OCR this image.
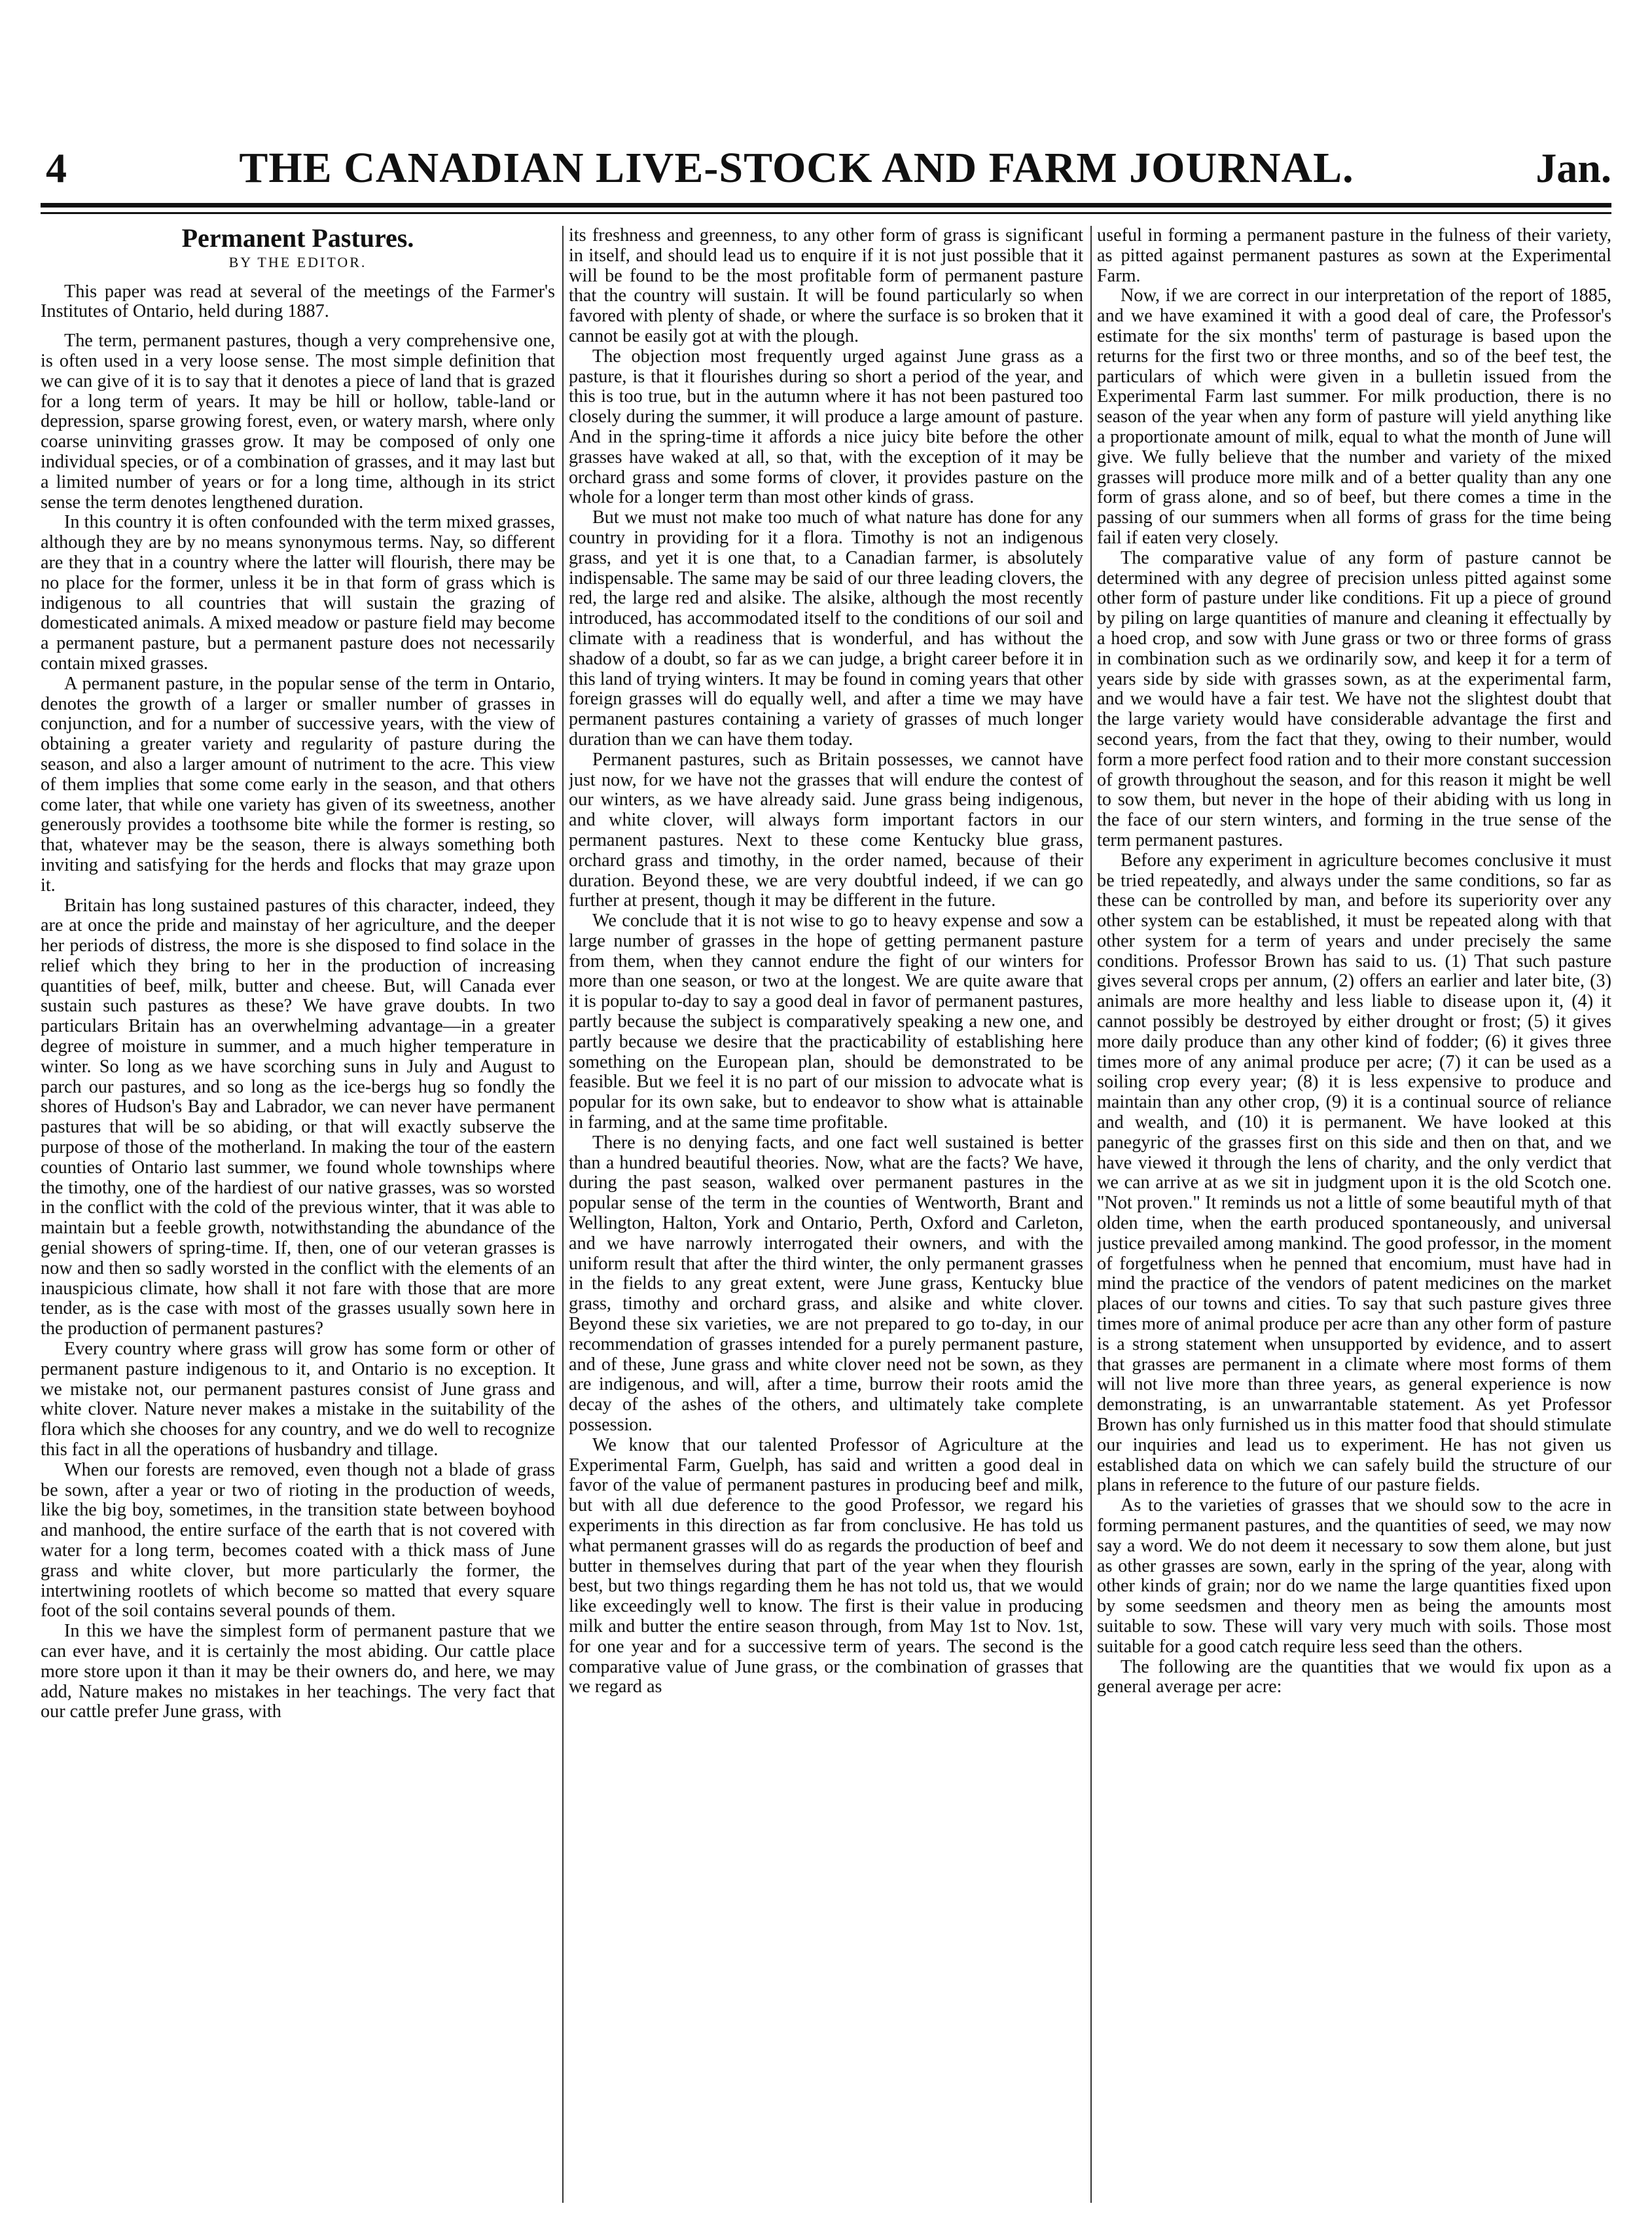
4	THE CANADIAN LIVE-STOCK AND FARM JOURNAL.	Jan.

Permanent Pastures.

BY THE EDITOR.

This paper was read at several of the meetings of the Farmer's Institutes of Ontario, held during 1887.

The term, permanent pastures, though a very comprehensive one, is often used in a very loose sense. The most simple definition that we can give of it is to say that it denotes a piece of land that is grazed for a long term of years. It may be hill or hollow, table-land or depression, sparse growing forest, even, or watery marsh, where only coarse uninviting grasses grow. It may be composed of only one individual species, or of a combination of grasses, and it may last but a limited number of years or for a long time, although in its strict sense the term denotes lengthened duration.

In this country it is often confounded with the term mixed grasses, although they are by no means synonymous terms. Nay, so different are they that in a country where the latter will flourish, there may be no place for the former, unless it be in that form of grass which is indigenous to all countries that will sustain the grazing of domesticated animals. A mixed meadow or pasture field may become a permanent pasture, but a permanent pasture does not necessarily contain mixed grasses.

A permanent pasture, in the popular sense of the term in Ontario, denotes the growth of a larger or smaller number of grasses in conjunction, and for a number of successive years, with the view of obtaining a greater variety and regularity of pasture during the season, and also a larger amount of nutriment to the acre. This view of them implies that some come early in the season, and that others come later, that while one variety has given of its sweetness, another generously provides a toothsome bite while the former is resting, so that, whatever may be the season, there is always something both inviting and satisfying for the herds and flocks that may graze upon it.

Britain has long sustained pastures of this character, indeed, they are at once the pride and mainstay of her agriculture, and the deeper her periods of distress, the more is she disposed to find solace in the relief which they bring to her in the production of increasing quantities of beef, milk, butter and cheese. But, will Canada ever sustain such pastures as these? We have grave doubts. In two particulars Britain has an overwhelming advantage—in a greater degree of moisture in summer, and a much higher temperature in winter. So long as we have scorching suns in July and August to parch our pastures, and so long as the ice-bergs hug so fondly the shores of Hudson's Bay and Labrador, we can never have permanent pastures that will be so abiding, or that will exactly subserve the purpose of those of the motherland. In making the tour of the eastern counties of Ontario last summer, we found whole townships where the timothy, one of the hardiest of our native grasses, was so worsted in the conflict with the cold of the previous winter, that it was able to maintain but a feeble growth, notwithstanding the abundance of the genial showers of spring-time. If, then, one of our veteran grasses is now and then so sadly worsted in the conflict with the elements of an inauspicious climate, how shall it not fare with those that are more tender, as is the case with most of the grasses usually sown here in the production of permanent pastures?

Every country where grass will grow has some form or other of permanent pasture indigenous to it, and Ontario is no exception. It we mistake not, our permanent pastures consist of June grass and white clover. Nature never makes a mistake in the suitability of the flora which she chooses for any country, and we do well to recognize this fact in all the operations of husbandry and tillage.

When our forests are removed, even though not a blade of grass be sown, after a year or two of rioting in the production of weeds, like the big boy, sometimes, in the transition state between boyhood and manhood, the entire surface of the earth that is not covered with water for a long term, becomes coated with a thick mass of June grass and white clover, but more particularly the former, the intertwining rootlets of which become so matted that every square foot of the soil contains several pounds of them.

In this we have the simplest form of permanent pasture that we can ever have, and it is certainly the most abiding. Our cattle place more store upon it than it may be their owners do, and here, we may add, Nature makes no mistakes in her teachings. The very fact that our cattle prefer June grass, with

its freshness and greenness, to any other form of grass is significant in itself, and should lead us to enquire if it is not just possible that it will be found to be the most profitable form of permanent pasture that the country will sustain. It will be found particularly so when favored with plenty of shade, or where the surface is so broken that it cannot be easily got at with the plough.

The objection most frequently urged against June grass as a pasture, is that it flourishes during so short a period of the year, and this is too true, but in the autumn where it has not been pastured too closely during the summer, it will produce a large amount of pasture. And in the spring-time it affords a nice juicy bite before the other grasses have waked at all, so that, with the exception of it may be orchard grass and some forms of clover, it provides pasture on the whole for a longer term than most other kinds of grass.

But we must not make too much of what nature has done for any country in providing for it a flora. Timothy is not an indigenous grass, and yet it is one that, to a Canadian farmer, is absolutely indispensable. The same may be said of our three leading clovers, the red, the large red and alsike. The alsike, although the most recently introduced, has accommodated itself to the conditions of our soil and climate with a readiness that is wonderful, and has without the shadow of a doubt, so far as we can judge, a bright career before it in this land of trying winters. It may be found in coming years that other foreign grasses will do equally well, and after a time we may have permanent pastures containing a variety of grasses of much longer duration than we can have them today.

Permanent pastures, such as Britain possesses, we cannot have just now, for we have not the grasses that will endure the contest of our winters, as we have already said. June grass being indigenous, and white clover, will always form important factors in our permanent pastures. Next to these come Kentucky blue grass, orchard grass and timothy, in the order named, because of their duration. Beyond these, we are very doubtful indeed, if we can go further at present, though it may be different in the future.

We conclude that it is not wise to go to heavy expense and sow a large number of grasses in the hope of getting permanent pasture from them, when they cannot endure the fight of our winters for more than one season, or two at the longest. We are quite aware that it is popular to-day to say a good deal in favor of permanent pastures, partly because the subject is comparatively speaking a new one, and partly because we desire that the practicability of establishing here something on the European plan, should be demonstrated to be feasible. But we feel it is no part of our mission to advocate what is popular for its own sake, but to endeavor to show what is attainable in farming, and at the same time profitable.

There is no denying facts, and one fact well sustained is better than a hundred beautiful theories. Now, what are the facts? We have, during the past season, walked over permanent pastures in the popular sense of the term in the counties of Wentworth, Brant and Wellington, Halton, York and Ontario, Perth, Oxford and Carleton, and we have narrowly interrogated their owners, and with the uniform result that after the third winter, the only permanent grasses in the fields to any great extent, were June grass, Kentucky blue grass, timothy and orchard grass, and alsike and white clover. Beyond these six varieties, we are not prepared to go to-day, in our recommendation of grasses intended for a purely permanent pasture, and of these, June grass and white clover need not be sown, as they are indigenous, and will, after a time, burrow their roots amid the decay of the ashes of the others, and ultimately take complete possession.

We know that our talented Professor of Agriculture at the Experimental Farm, Guelph, has said and written a good deal in favor of the value of permanent pastures in producing beef and milk, but with all due deference to the good Professor, we regard his experiments in this direction as far from conclusive. He has told us what permanent grasses will do as regards the production of beef and butter in themselves during that part of the year when they flourish best, but two things regarding them he has not told us, that we would like exceedingly well to know. The first is their value in producing milk and butter the entire season through, from May 1st to Nov. 1st, for one year and for a successive term of years. The second is the comparative value of June grass, or the combination of grasses that we regard as

useful in forming a permanent pasture in the fulness of their variety, as pitted against permanent pastures as sown at the Experimental Farm.

Now, if we are correct in our interpretation of the report of 1885, and we have examined it with a good deal of care, the Professor's estimate for the six months' term of pasturage is based upon the returns for the first two or three months, and so of the beef test, the particulars of which were given in a bulletin issued from the Experimental Farm last summer. For milk production, there is no season of the year when any form of pasture will yield anything like a proportionate amount of milk, equal to what the month of June will give. We fully believe that the number and variety of the mixed grasses will produce more milk and of a better quality than any one form of grass alone, and so of beef, but there comes a time in the passing of our summers when all forms of grass for the time being fail if eaten very closely.

The comparative value of any form of pasture cannot be determined with any degree of precision unless pitted against some other form of pasture under like conditions. Fit up a piece of ground by piling on large quantities of manure and cleaning it effectually by a hoed crop, and sow with June grass or two or three forms of grass in combination such as we ordinarily sow, and keep it for a term of years side by side with grasses sown, as at the experimental farm, and we would have a fair test. We have not the slightest doubt that the large variety would have considerable advantage the first and second years, from the fact that they, owing to their number, would form a more perfect food ration and to their more constant succession of growth throughout the season, and for this reason it might be well to sow them, but never in the hope of their abiding with us long in the face of our stern winters, and forming in the true sense of the term permanent pastures.

Before any experiment in agriculture becomes conclusive it must be tried repeatedly, and always under the same conditions, so far as these can be controlled by man, and before its superiority over any other system can be established, it must be repeated along with that other system for a term of years and under precisely the same conditions. Professor Brown has said to us. (1) That such pasture gives several crops per annum, (2) offers an earlier and later bite, (3) animals are more healthy and less liable to disease upon it, (4) it cannot possibly be destroyed by either drought or frost; (5) it gives more daily produce than any other kind of fodder; (6) it gives three times more of any animal produce per acre; (7) it can be used as a soiling crop every year; (8) it is less expensive to produce and maintain than any other crop, (9) it is a continual source of reliance and wealth, and (10) it is permanent. We have looked at this panegyric of the grasses first on this side and then on that, and we have viewed it through the lens of charity, and the only verdict that we can arrive at as we sit in judgment upon it is the old Scotch one. "Not proven." It reminds us not a little of some beautiful myth of that olden time, when the earth produced spontaneously, and universal justice prevailed among mankind. The good professor, in the moment of forgetfulness when he penned that encomium, must have had in mind the practice of the vendors of patent medicines on the market places of our towns and cities. To say that such pasture gives three times more of animal produce per acre than any other form of pasture is a strong statement when unsupported by evidence, and to assert that grasses are permanent in a climate where most forms of them will not live more than three years, as general experience is now demonstrating, is an unwarrantable statement. As yet Professor Brown has only furnished us in this matter food that should stimulate our inquiries and lead us to experiment. He has not given us established data on which we can safely build the structure of our plans in reference to the future of our pasture fields.

As to the varieties of grasses that we should sow to the acre in forming permanent pastures, and the quantities of seed, we may now say a word. We do not deem it necessary to sow them alone, but just as other grasses are sown, early in the spring of the year, along with other kinds of grain; nor do we name the large quantities fixed upon by some seedsmen and theory men as being the amounts most suitable to sow. These will vary very much with soils. Those most suitable for a good catch require less seed than the others.

The following are the quantities that we would fix upon as a general average per acre:
